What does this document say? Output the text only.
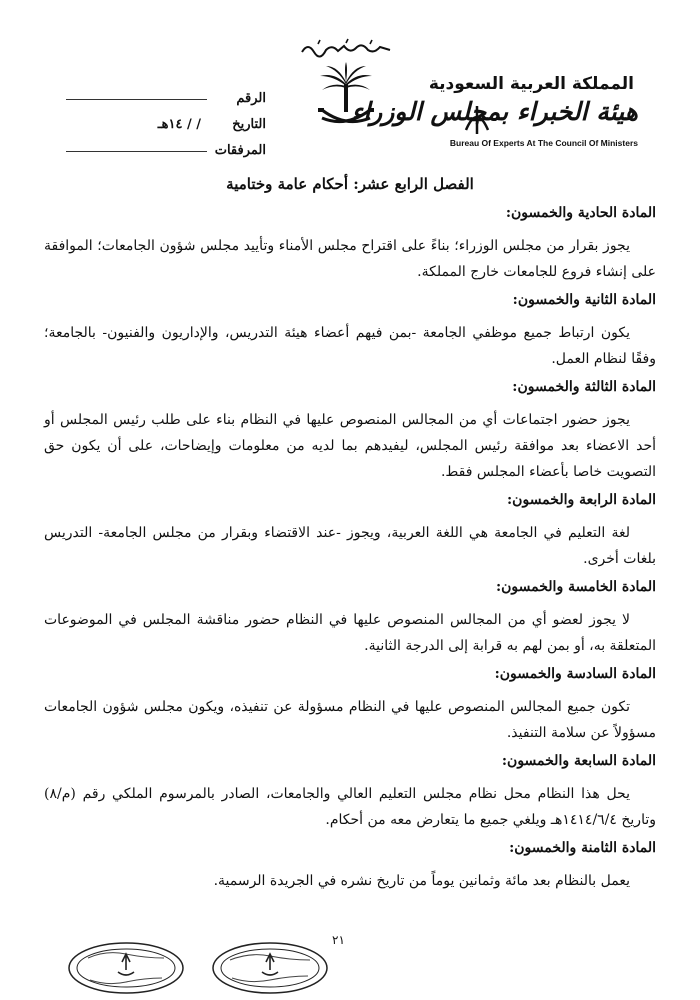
الرقم
التاريخ
/ / ١٤هـ
المرفقات
المملكة العربية السعودية
هيئة الخبراء بمجلس الوزراء
Bureau Of Experts At The Council Of Ministers
الفصل الرابع عشر: أحكام عامة وختامية
المادة الحادية والخمسون:
يجوز بقرار من مجلس الوزراء؛ بناءً على اقتراح مجلس الأمناء وتأييد مجلس شؤون الجامعات؛ الموافقة على إنشاء فروع للجامعات خارج المملكة.
المادة الثانية والخمسون:
يكون ارتباط جميع موظفي الجامعة -بمن فيهم أعضاء هيئة التدريس، والإداريون والفنيون- بالجامعة؛ وفقًا لنظام العمل.
المادة الثالثة والخمسون:
يجوز حضور اجتماعات أي من المجالس المنصوص عليها في النظام بناء على طلب رئيس المجلس أو أحد الاعضاء بعد موافقة رئيس المجلس، ليفيدهم بما لديه من معلومات وإيضاحات، على أن يكون حق التصويت خاصا بأعضاء المجلس فقط.
المادة الرابعة والخمسون:
لغة التعليم في الجامعة هي اللغة العربية، ويجوز -عند الاقتضاء وبقرار من مجلس الجامعة- التدريس بلغات أخرى.
المادة الخامسة والخمسون:
لا يجوز لعضو أي من المجالس المنصوص عليها في النظام حضور مناقشة المجلس في الموضوعات المتعلقة به، أو بمن لهم به قرابة إلى الدرجة الثانية.
المادة السادسة والخمسون:
تكون جميع المجالس المنصوص عليها في النظام مسؤولة عن تنفيذه، ويكون مجلس شؤون الجامعات مسؤولاً عن سلامة التنفيذ.
المادة السابعة والخمسون:
يحل هذا النظام محل نظام مجلس التعليم العالي والجامعات، الصادر بالمرسوم الملكي رقم (م/٨) وتاريخ ١٤١٤/٦/٤هـ ويلغي جميع ما يتعارض معه من أحكام.
المادة الثامنة والخمسون:
يعمل بالنظام بعد مائة وثمانين يوماً من تاريخ نشره في الجريدة الرسمية.
٢١
